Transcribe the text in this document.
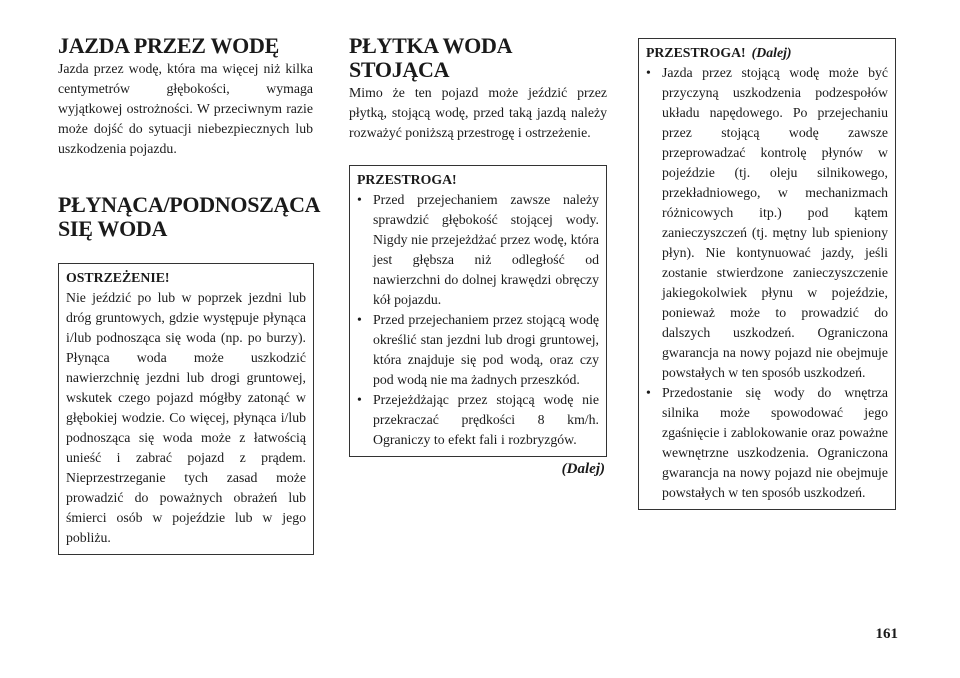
JAZDA PRZEZ WODĘ

Jazda przez wodę, która ma więcej niż kilka centymetrów głębokości, wymaga wyjątkowej ostrożności. W przeciwnym razie może dojść do sytuacji niebezpiecznych lub uszkodzenia pojazdu.

PŁYNĄCA/PODNOSZĄCA SIĘ WODA
OSTRZEŻENIE!

Nie jeździć po lub w poprzek jezdni lub dróg gruntowych, gdzie występuje płynąca i/lub podnosząca się woda (np. po burzy). Płynąca woda może uszkodzić nawierzchnię jezdni lub drogi gruntowej, wskutek czego pojazd mógłby zatonąć w głębokiej wodzie. Co więcej, płynąca i/lub podnosząca się woda może z łatwością unieść i zabrać pojazd z prądem. Nieprzestrzeganie tych zasad może prowadzić do poważnych obrażeń lub śmierci osób w pojeździe lub w jego pobliżu.

PŁYTKA WODA STOJĄCA

Mimo że ten pojazd może jeździć przez płytką, stojącą wodę, przed taką jazdą należy rozważyć poniższą przestrogę i ostrzeżenie.

PRZESTROGA!
• Przed przejechaniem zawsze należy sprawdzić głębokość stojącej wody. Nigdy nie przejeżdżać przez wodę, która jest głębsza niż odległość od nawierzchni do dolnej krawędzi obręczy kół pojazdu.
• Przed przejechaniem przez stojącą wodę określić stan jezdni lub drogi gruntowej, która znajduje się pod wodą, oraz czy pod wodą nie ma żadnych przeszkód.
• Przejeżdżając przez stojącą wodę nie przekraczać prędkości 8 km/h. Ograniczy to efekt fali i rozbryzgów.
(Dalej)
PRZESTROGA! (Dalej)
• Jazda przez stojącą wodę może być przyczyną uszkodzenia podzespołów układu napędowego. Po przejechaniu przez stojącą wodę zawsze przeprowadzać kontrolę płynów w pojeździe (tj. oleju silnikowego, przekładniowego, w mechanizmach różnicowych itp.) pod kątem zanieczyszczeń (tj. mętny lub spieniony płyn). Nie kontynuować jazdy, jeśli zostanie stwierdzone zanieczyszczenie jakiegokolwiek płynu w pojeździe, ponieważ może to prowadzić do dalszych uszkodzeń. Ograniczona gwarancja na nowy pojazd nie obejmuje powstałych w ten sposób uszkodzeń.
• Przedostanie się wody do wnętrza silnika może spowodować jego zgaśnięcie i zablokowanie oraz poważne wewnętrzne uszkodzenia. Ograniczona gwarancja na nowy pojazd nie obejmuje powstałych w ten sposób uszkodzeń.
161
